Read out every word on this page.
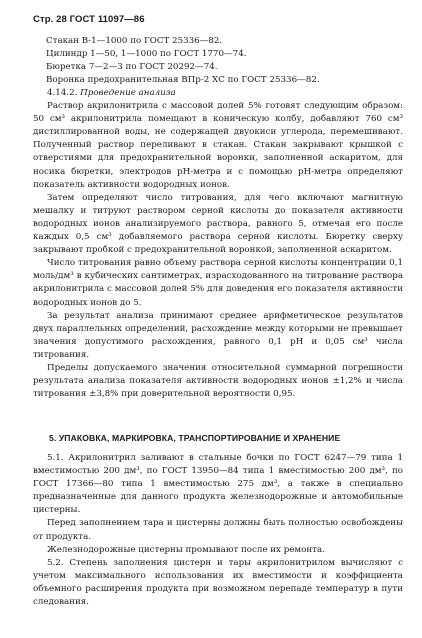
Стр. 28 ГОСТ 11097—86

Стакан В-1—1000 по ГОСТ 25336—82.

Цилиндр 1—50, 1—1000 по ГОСТ 1770—74.

Бюретка 7—2—3 по ГОСТ 20292—74.

Воронка предохранительная ВПр-2 ХС по ГОСТ 25336—82.

4.14.2. Проведение анализа

Раствор акрилонитрила с массовой долей 5% готовят следующим образом: 50 см³ акрилонитрила помещают в коническую колбу, добавляют 760 см³ дистиллированной воды, не содержащей двуокиси углерода, перемешивают. Полученный раствор переливают в стакан. Стакан закрывают крышкой с отверстиями для предохранительной воронки, заполненной аскаритом, для носика бюретки, электродов pH-метра и с помощью pH-метра определяют показатель активности водородных ионов.

Затем определяют число титрования, для чего включают магнитную мешалку и титруют раствором серной кислоты до показателя активности водородных ионов анализируемого раствора, равного 5, отмечая его после каждых 0,5 см³ добавляемого раствора серной кислоты. Бюретку сверху закрывают пробкой с предохранительной воронкой, заполненной аскаритом.

Число титрования равно объему раствора серной кислоты концентрации 0,1 моль/дм³ в кубических сантиметрах, израсходованного на титрование раствора акрилонитрила с массовой долей 5% для доведения его показателя активности водородных ионов до 5.

За результат анализа принимают среднее арифметическое результатов двух параллельных определений, расхождение между которыми не превышает значения допустимого расхождения, равного 0,1 pH и 0,05 см³ числа титрования.

Пределы допускаемого значения относительной суммарной погрешности результата анализа показателя активности водородных ионов ±1,2% и числа титрования ±3,8% при доверительной вероятности 0,95.

5. УПАКОВКА, МАРКИРОВКА, ТРАНСПОРТИРОВАНИЕ И ХРАНЕНИЕ

5.1. Акрилонитрил заливают в стальные бочки по ГОСТ 6247—79 типа 1 вместимостью 200 дм³, по ГОСТ 13950—84 типа 1 вместимостью 200 дм³, по ГОСТ 17366—80 типа 1 вместимостью 275 дм³, а также в специально предназначенные для данного продукта железнодорожные и автомобильные цистерны.

Перед заполнением тара и цистерны должны быть полностью освобождены от продукта.

Железнодорожные цистерны промывают после их ремонта.

5.2. Степень заполнения цистерн и тары акрилонитрилом вычисляют с учетом максимального использования их вместимости и коэффициента объемного расширения продукта при возможном перепаде температур в пути следования.
